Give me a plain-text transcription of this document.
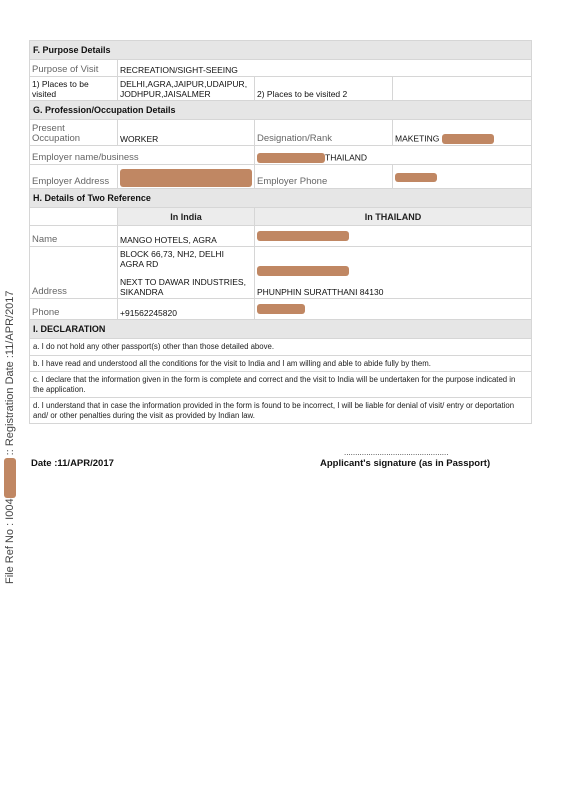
F. Purpose Details			
Purpose of Visit	RECREATION/SIGHT-SEEING		
1) Places to be visited	DELHI,AGRA,JAIPUR,UDAIPUR,
JODHPUR,JAISALMER	2) Places to be visited 2	
G. Profession/Occupation Details			
Present Occupation	WORKER	Designation/Rank	MAKETING
Employer name/business		THAILAND	
Employer Address		Employer Phone	
H. Details of Two Reference			
	In India	In THAILAND	
Name	MANGO HOTELS, AGRA		
Address	BLOCK 66,73, NH2, DELHI
AGRA RD
NEXT TO DAWAR INDUSTRIES,
SIKANDRA	PHUNPHIN SURATTHANI 84130	

Phone	+91562245820		
I. DECLARATION			
a. I do not hold any other passport(s) other than those detailed above.			
b. I have read and understood all the conditions for the visit to India and I am willing and able to abide fully by them.			
c. I declare that the information given in the form is complete and correct and the visit to India will be undertaken for the purpose indicated in the application.			
d. I understand that in case the information provided in the form is found to be incorrect, I will be liable for denial of visit/ entry or deportation and/ or other penalties during the visit as provided by Indian law.			
...............................................
Date :11/APR/2017	Applicant's signature (as in Passport)
File Ref No : I004 :: Registration Date :11/APR/2017
